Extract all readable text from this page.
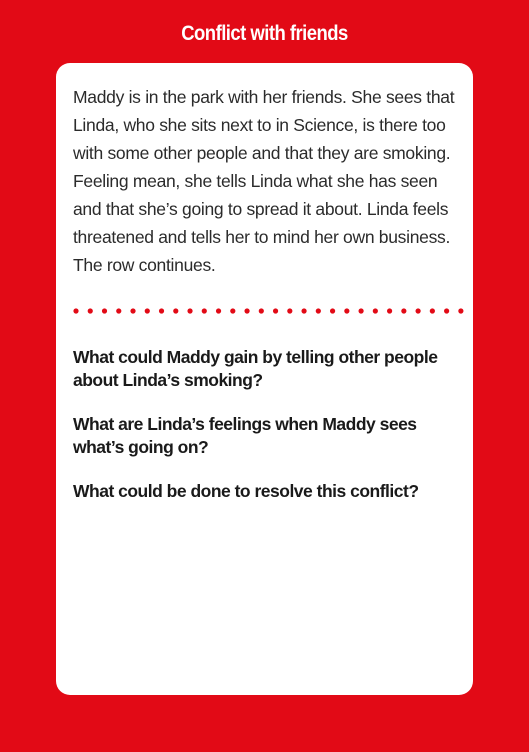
Conflict with friends

Maddy is in the park with her friends. She sees that Linda, who she sits next to in Science, is there too with some other people and that they are smoking. Feeling mean, she tells Linda what she has seen and that she’s going to spread it about. Linda feels threatened and tells her to mind her own business. The row continues.

What could Maddy gain by telling other people about Linda’s smoking?

What are Linda’s feelings when Maddy sees what’s going on?

What could be done to resolve this conflict?
